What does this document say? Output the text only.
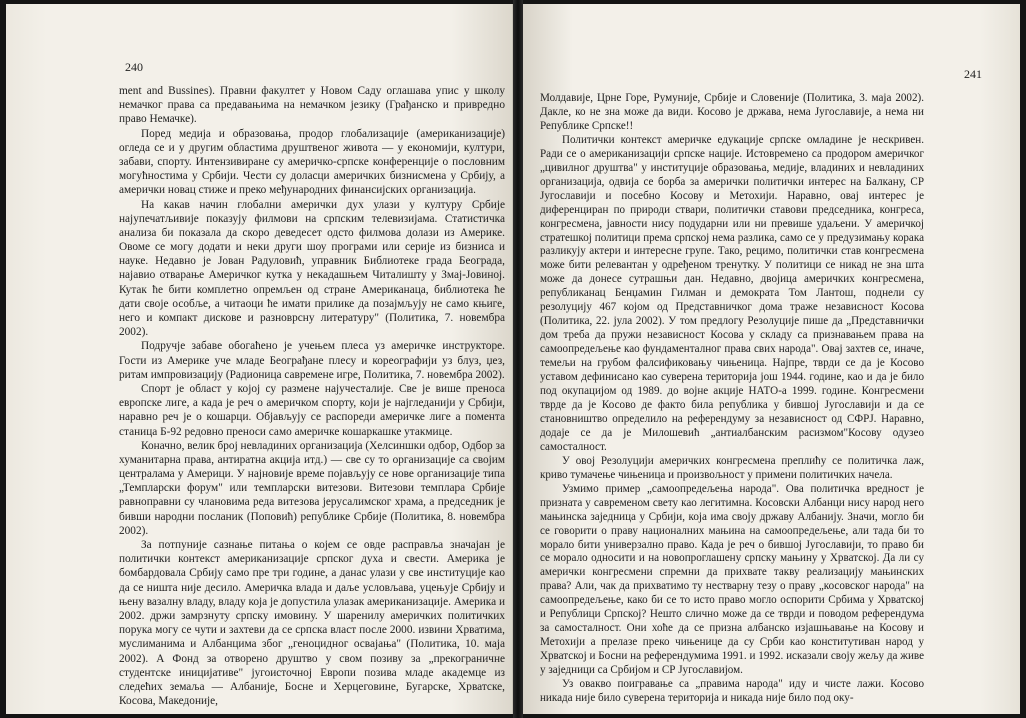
240

ment and Bussines). Правни факултет у Новом Саду оглашава упис у школу немачког права са предавањима на немачком језику (Грађанско и привредно право Немачке).

Поред медија и образовања, продор глобализације (американизације) огледа се и у другим областима друштвеног живота — у економији, култури, забави, спорту. Интензивиране су америчко-српске конференције о пословним могућностима у Србији. Чести су доласци америчких бизнисмена у Србију, а амерички новац стиже и преко међународних финансијских организација.

На какав начин глобални амерички дух улази у културу Србије најупечатљивије показују филмови на српским телевизијама. Статистичка анализа би показала да скоро деведесет одсто филмова долази из Америке. Овоме се могу додати и неки други шоу програми или серије из бизниса и науке. Недавно је Јован Радуловић, управник Библиотеке града Београда, најавио отварање Америчког кутка у некадашњем Читалишту у Змај-Јовиној. Кутак ће бити комплетно опремљен од стране Американаца, библиотека ће дати своје особље, а читаоци ће имати прилике да позајмљују не само књиге, него и компакт дискове и разноврсну литературу" (Политика, 7. новембра 2002).

Подручје забаве обогаћено је учењем плеса уз америчке инструкторе. Гости из Америке уче младе Београђане плесу и кореографији уз блуз, џез, ритам импровизацију (Радионица савремене игре, Политика, 7. новембра 2002).

Спорт је област у којој су размене најучесталије. Све је више преноса европске лиге, а када је реч о америчком спорту, који је најгледанији у Србији, наравно реч је о кошарци. Објављују се распореди америчке лиге а помента станица Б-92 редовно преноси само америчке кошаркашке утакмице.

Коначно, велик број невладиних организација (Хелсиншки одбор, Одбор за хуманитарна права, антиратна акција итд.) — све су то организације са својим централама у Америци. У најновије време појављују се нове организације типа „Темпларски форум" или темпларски витезови. Витезови темплара Србије равноправни су члановима реда витезова јерусалимског храма, а председник је бивши народни посланик (Поповић) републике Србије (Политика, 8. новембра 2002).

За потпуније сазнање питања о којем се овде расправља значајан је политички контекст американизације српског духа и свести. Америка је бомбардовала Србију само пре три године, а данас улази у све институције као да се ништа није десило. Америчка влада и даље условљава, уцењује Србију и њену вазалну владу, владу која је допустила улазак американизације. Америка и 2002. држи замрзнуту српску имовину. У шаренилу америчких политичких порука могу се чути и захтеви да се српска влаcт после 2000. извини Хрватима, муслиманима и Албанцима због „геноцидног освајања" (Политика, 10. маја 2002). А Фонд за отворено друштво у свом позиву за „прекограничне студентске иницијативе" југоисточној Европи позива младе академце из следећих земаља — Албаније, Босне и Херцеговине, Бугарске, Хрватске, Косова, Македоније,

241

Молдавије, Црне Горе, Румуније, Србије и Словеније (Политика, 3. маја 2002). Дакле, ко не зна може да види. Косово је држава, нема Југославије, а нема ни Републике Српске!!

Политички контекст америчке едукације српске омладине је нескривен. Ради се о американизацији српске нације. Истовремено са продором америчког „цивилног друштва" у институције образовања, медије, владиних и невладиних организација, одвија се борба за амерички политички интерес на Балкану, СР Југославији и посебно Косову и Метохији. Наравно, овај интерес је диференциран по природи ствари, политички ставови председника, конгреса, конгресмена, јавности нису подударни или ни превише удаљени. У америчкој стратешкој политици према српској нема разлика, само се у предузимању корака разликују актери и интересне групе. Тако, рецимо, политички став конгресмена може бити релевантан у одређеном тренутку. У политици се никад не зна шта може да донесе сутрашњи дан. Недавно, двојица америчких конгресмена, републиканац Бенџамин Гилман и демократа Том Лантош, поднели су резолуцију 467 којом од Представничког дома траже независност Косова (Политика, 22. јула 2002). У том предлогу Резолуције пише да „Представнички дом треба да пружи независност Косова у складу са признавањем права на самоопредељење као фундаменталног права свих народа". Овај захтев се, иначе, темељи на грубом фалсификовању чињеница. Најпре, тврди се да је Косово уставом дефинисано као суверена територија још 1944. године, као и да је било под окупацијом од 1989. до војне акције НАТО-а 1999. године. Конгресмени тврде да је Косово де факто била република у бившој Југославији и да се становништво определило на референдуму за независност од СФРЈ. Наравно, додаје се да је Милошевић „антиалбанским расизмом"Косову одузео самосталност.

У овој Резолуцији америчких конгресмена преплићу се политичка лаж, криво тумачење чињеница и произвољност у примени политичких начела.

Узмимо пример „самоопредељења народа". Ова политичка вредност је призната у савременом свету као легитимна. Косовски Албанци нису народ него мањинска заједница у Србији, која има своју државу Албанију. Значи, могло би се говорити о праву националних мањина на самоопредељење, али тада би то морало бити универзално право. Када је реч о бившој Југославији, то право би се морало односити и на новопроглашену српску мањину у Хрватској. Да ли су амерички конгресмени спремни да прихвате такву реализацију мањинских права? Али, чак да прихватимо ту нестварну тезу о праву „косовског народа" на самоопредељење, како би се то исто право могло оспорити Србима у Хрватској и Републици Српској? Нешто слично може да се тврди и поводом референдума за самосталност. Они хоће да се призна албанско изјашњавање на Косову и Метохији а прелазе преко чињенице да су Срби као конститутиван народ у Хрватској и Босни на референдумима 1991. и 1992. исказали своју жељу да живе у заједници са Србијом и СР Југославијом.

Уз овакво поигравање са „правима народа" иду и чисте лажи. Косово никада није било суверена територија и никада није било под оку-
